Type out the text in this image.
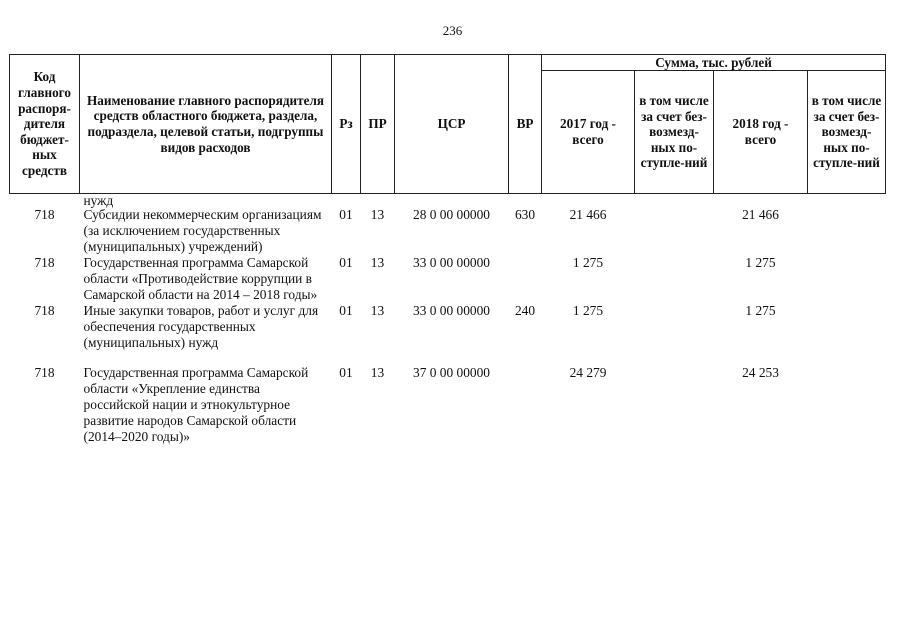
236
Код главного распоря-дителя бюджет-ных средств	Наименование главного распорядителя средств областного бюджета, раздела, подраздела, целевой статьи, подгруппы видов расходов	Рз	ПР	ЦСР	ВР	Сумма, тыс. рублей			
						2017 год - всего	в том числе за счет без-возмезд-ных по-ступле-ний	2018 год - всего	в том числе за счет без-возмезд-ных по-ступле-ний
	нужд								
718	Субсидии некоммерческим организациям (за исключением государственных (муниципальных) учреждений)	01	13	28 0 00 00000	630	21 466		21 466	
718	Государственная программа Самарской области «Противодействие коррупции в Самарской области на 2014 – 2018 годы»	01	13	33 0 00 00000		1 275		1 275	
718	Иные закупки товаров, работ и услуг для обеспечения государственных (муниципальных) нужд	01	13	33 0 00 00000	240	1 275		1 275	

718	Государственная программа Самарской области «Укрепление единства российской нации и этнокультурное развитие народов Самарской области (2014–2020 годы)»	01	13	37 0 00 00000		24 279		24 253	
